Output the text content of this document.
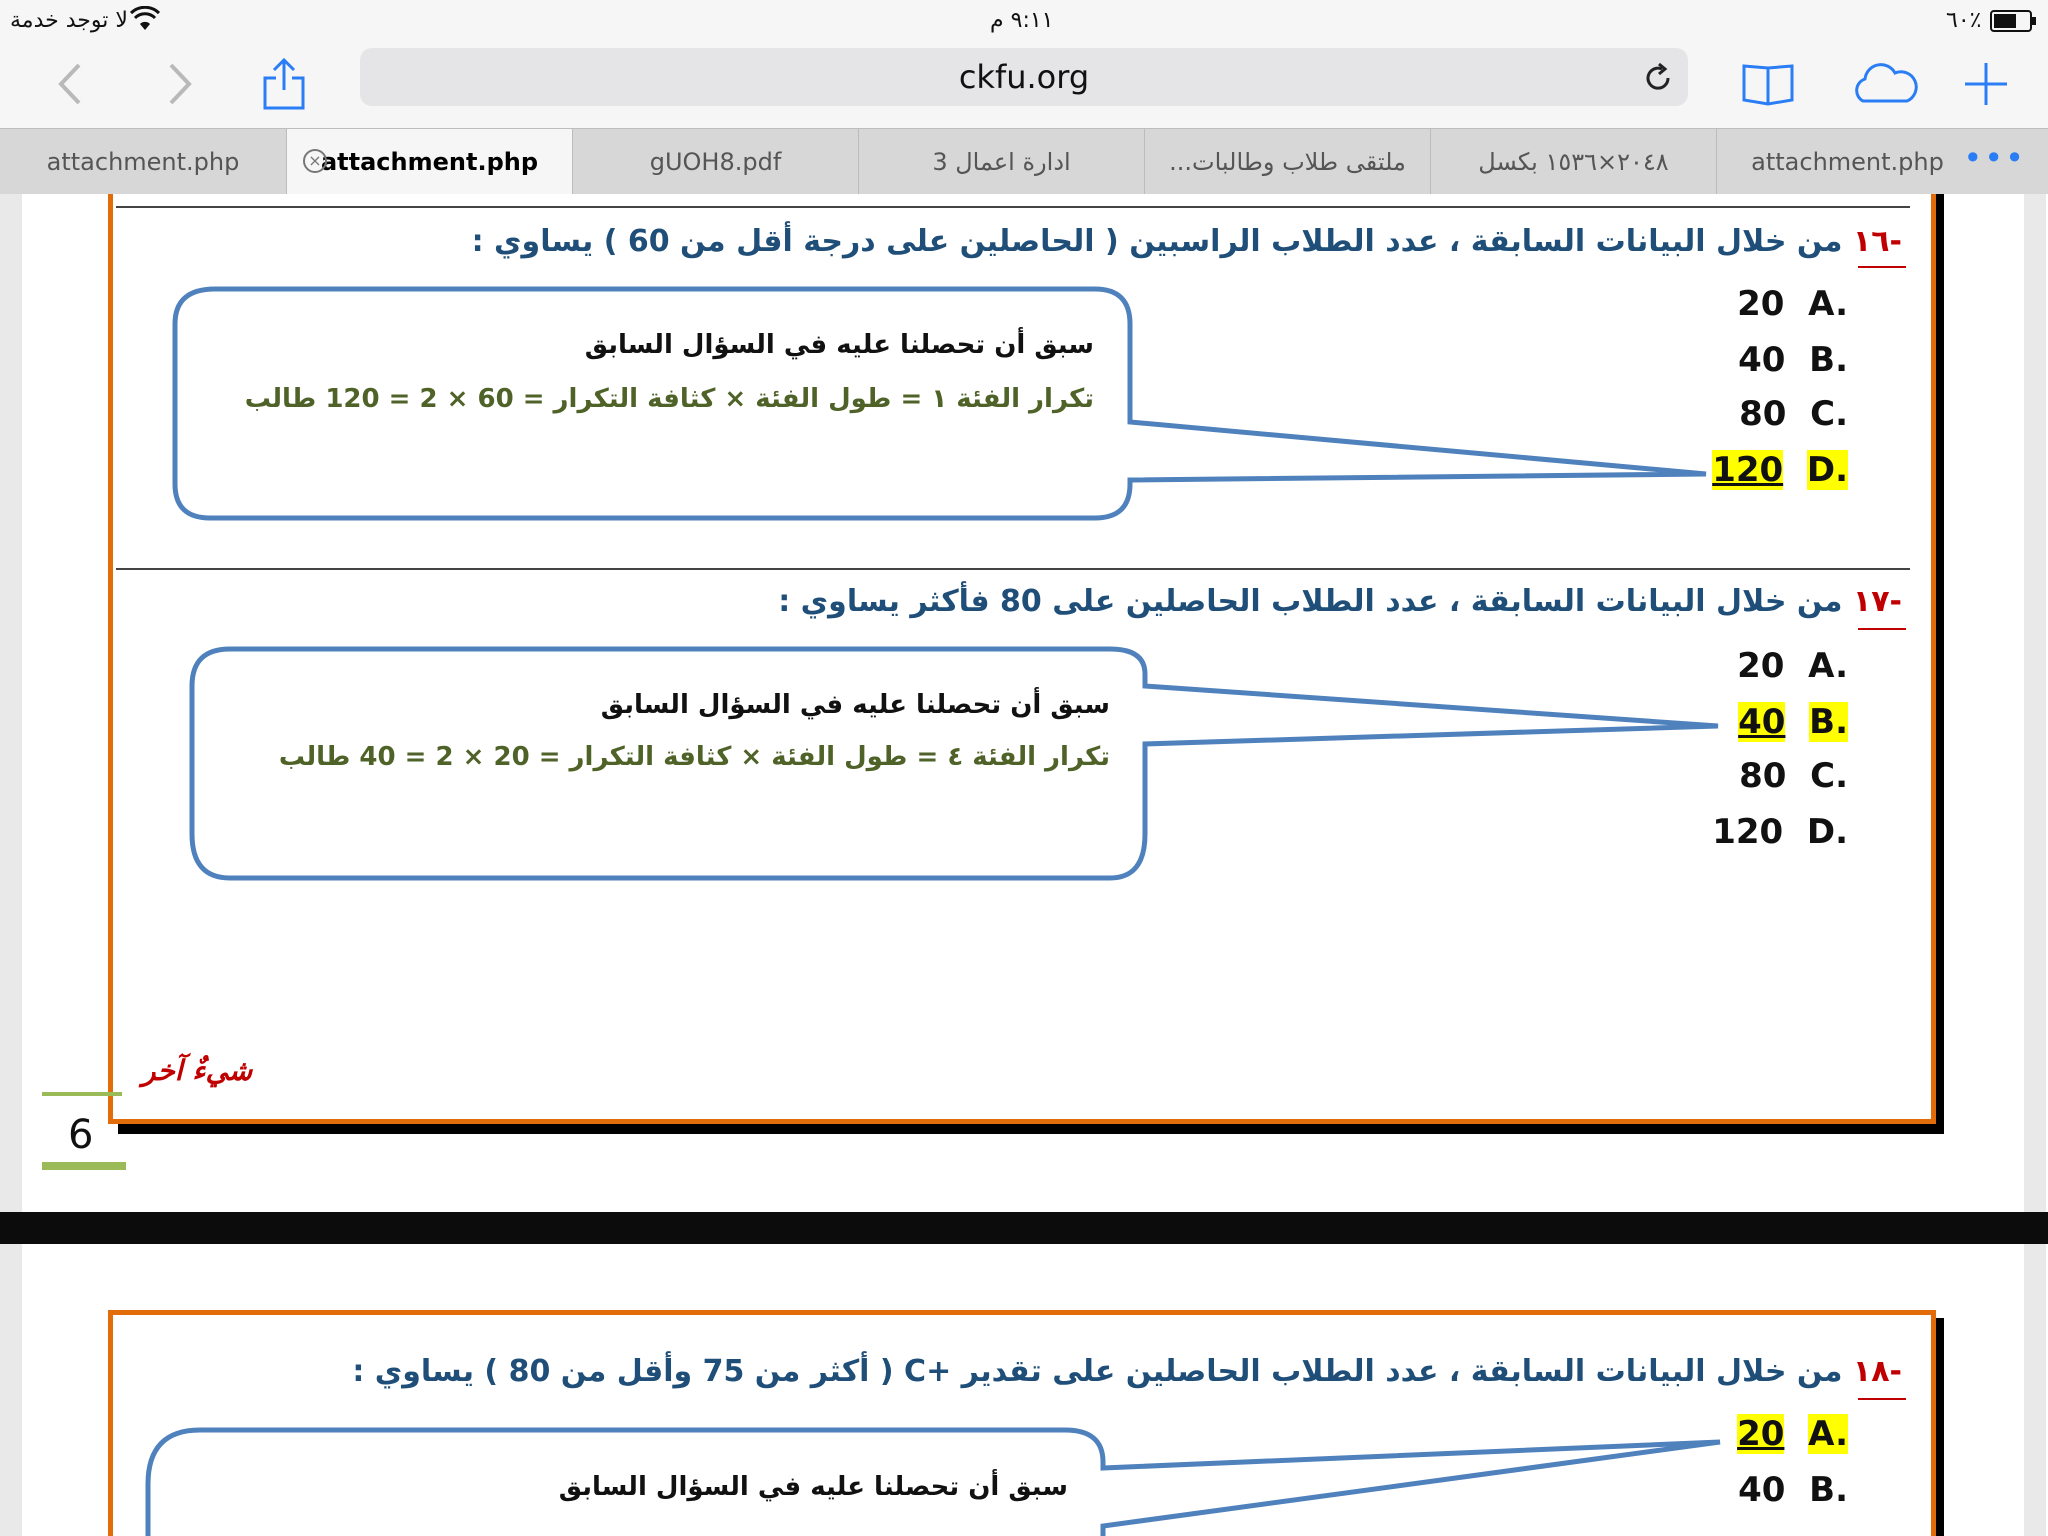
لا توجد خدمة	٩:١١ م	٦٠٪
ckfu.org
attachment.php	× attachment.php	gUOH8.pdf	ادارة اعمال 3	ملتقى طلاب وطالبات...	٢٠٤٨×١٥٣٦ بكسل	attachment.php •••
-١٦ من خلال البيانات السابقة ، عدد الطلاب الراسبين ( الحاصلين على درجة أقل من 60 ) يساوي :
20 A.
40 B.
80 C.
120 D.
سبق أن تحصلنا عليه في السؤال السابق
تكرار الفئة ١ = طول الفئة × كثافة التكرار = 60 × 2 = 120 طالب
-١٧ من خلال البيانات السابقة ، عدد الطلاب الحاصلين على 80 فأكثر يساوي :
20 A.
40 B.
80 C.
120 D.
سبق أن تحصلنا عليه في السؤال السابق
تكرار الفئة ٤ = طول الفئة × كثافة التكرار = 20 × 2 = 40 طالب
شيءٌ آخر
6
-١٨ من خلال البيانات السابقة ، عدد الطلاب الحاصلين على تقدير +C ( أكثر من 75 وأقل من 80 ) يساوي :
20 A.
40 B.
سبق أن تحصلنا عليه في السؤال السابق
